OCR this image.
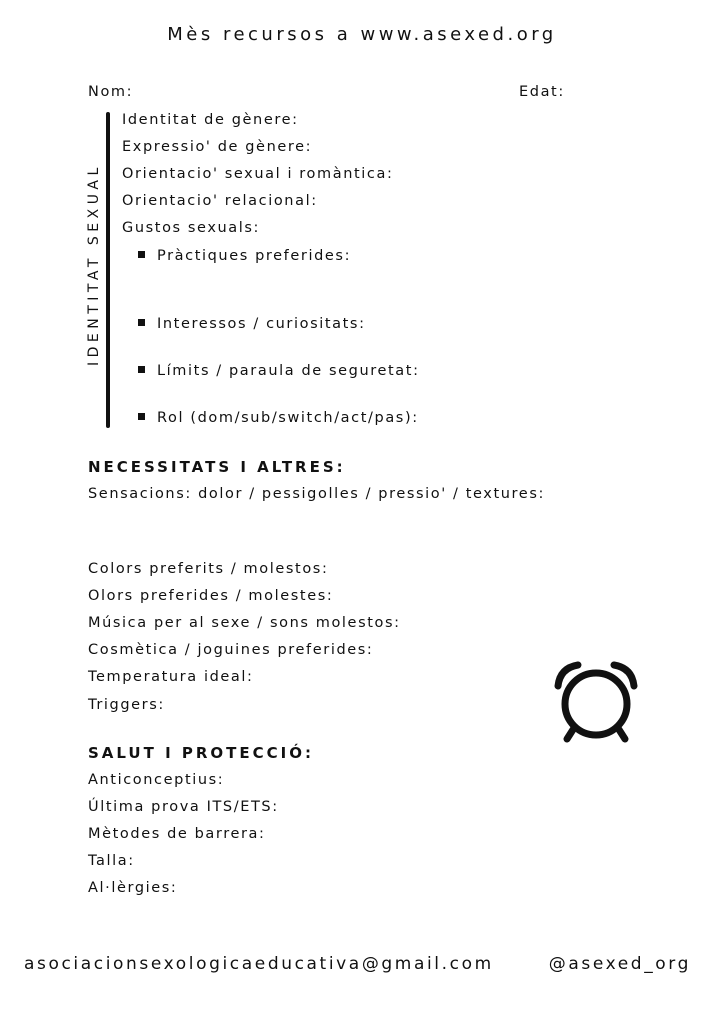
Mès recursos a www.asexed.org
Nom:	Edat:
IDENTITAT SEXUAL
Identitat de gènere:
Expressio' de gènere:
Orientacio' sexual i romàntica:
Orientacio' relacional:
Gustos sexuals:
Pràctiques preferides:
Interessos / curiositats:
Límits / paraula de seguretat:
Rol (dom/sub/switch/act/pas):
NECESSITATS I ALTRES:
Sensacions: dolor / pessigolles / pressio' / textures:
Colors preferits / molestos:
Olors preferides / molestes:
Música per al sexe / sons molestos:
Cosmètica / joguines preferides:
Temperatura ideal:
Triggers:
SALUT I PROTECCIÓ:
Anticonceptius:
Última prova ITS/ETS:
Mètodes de barrera:
Talla:
Al·lèrgies:
asociacionsexologicaeducativa@gmail.com	@asexed_org
